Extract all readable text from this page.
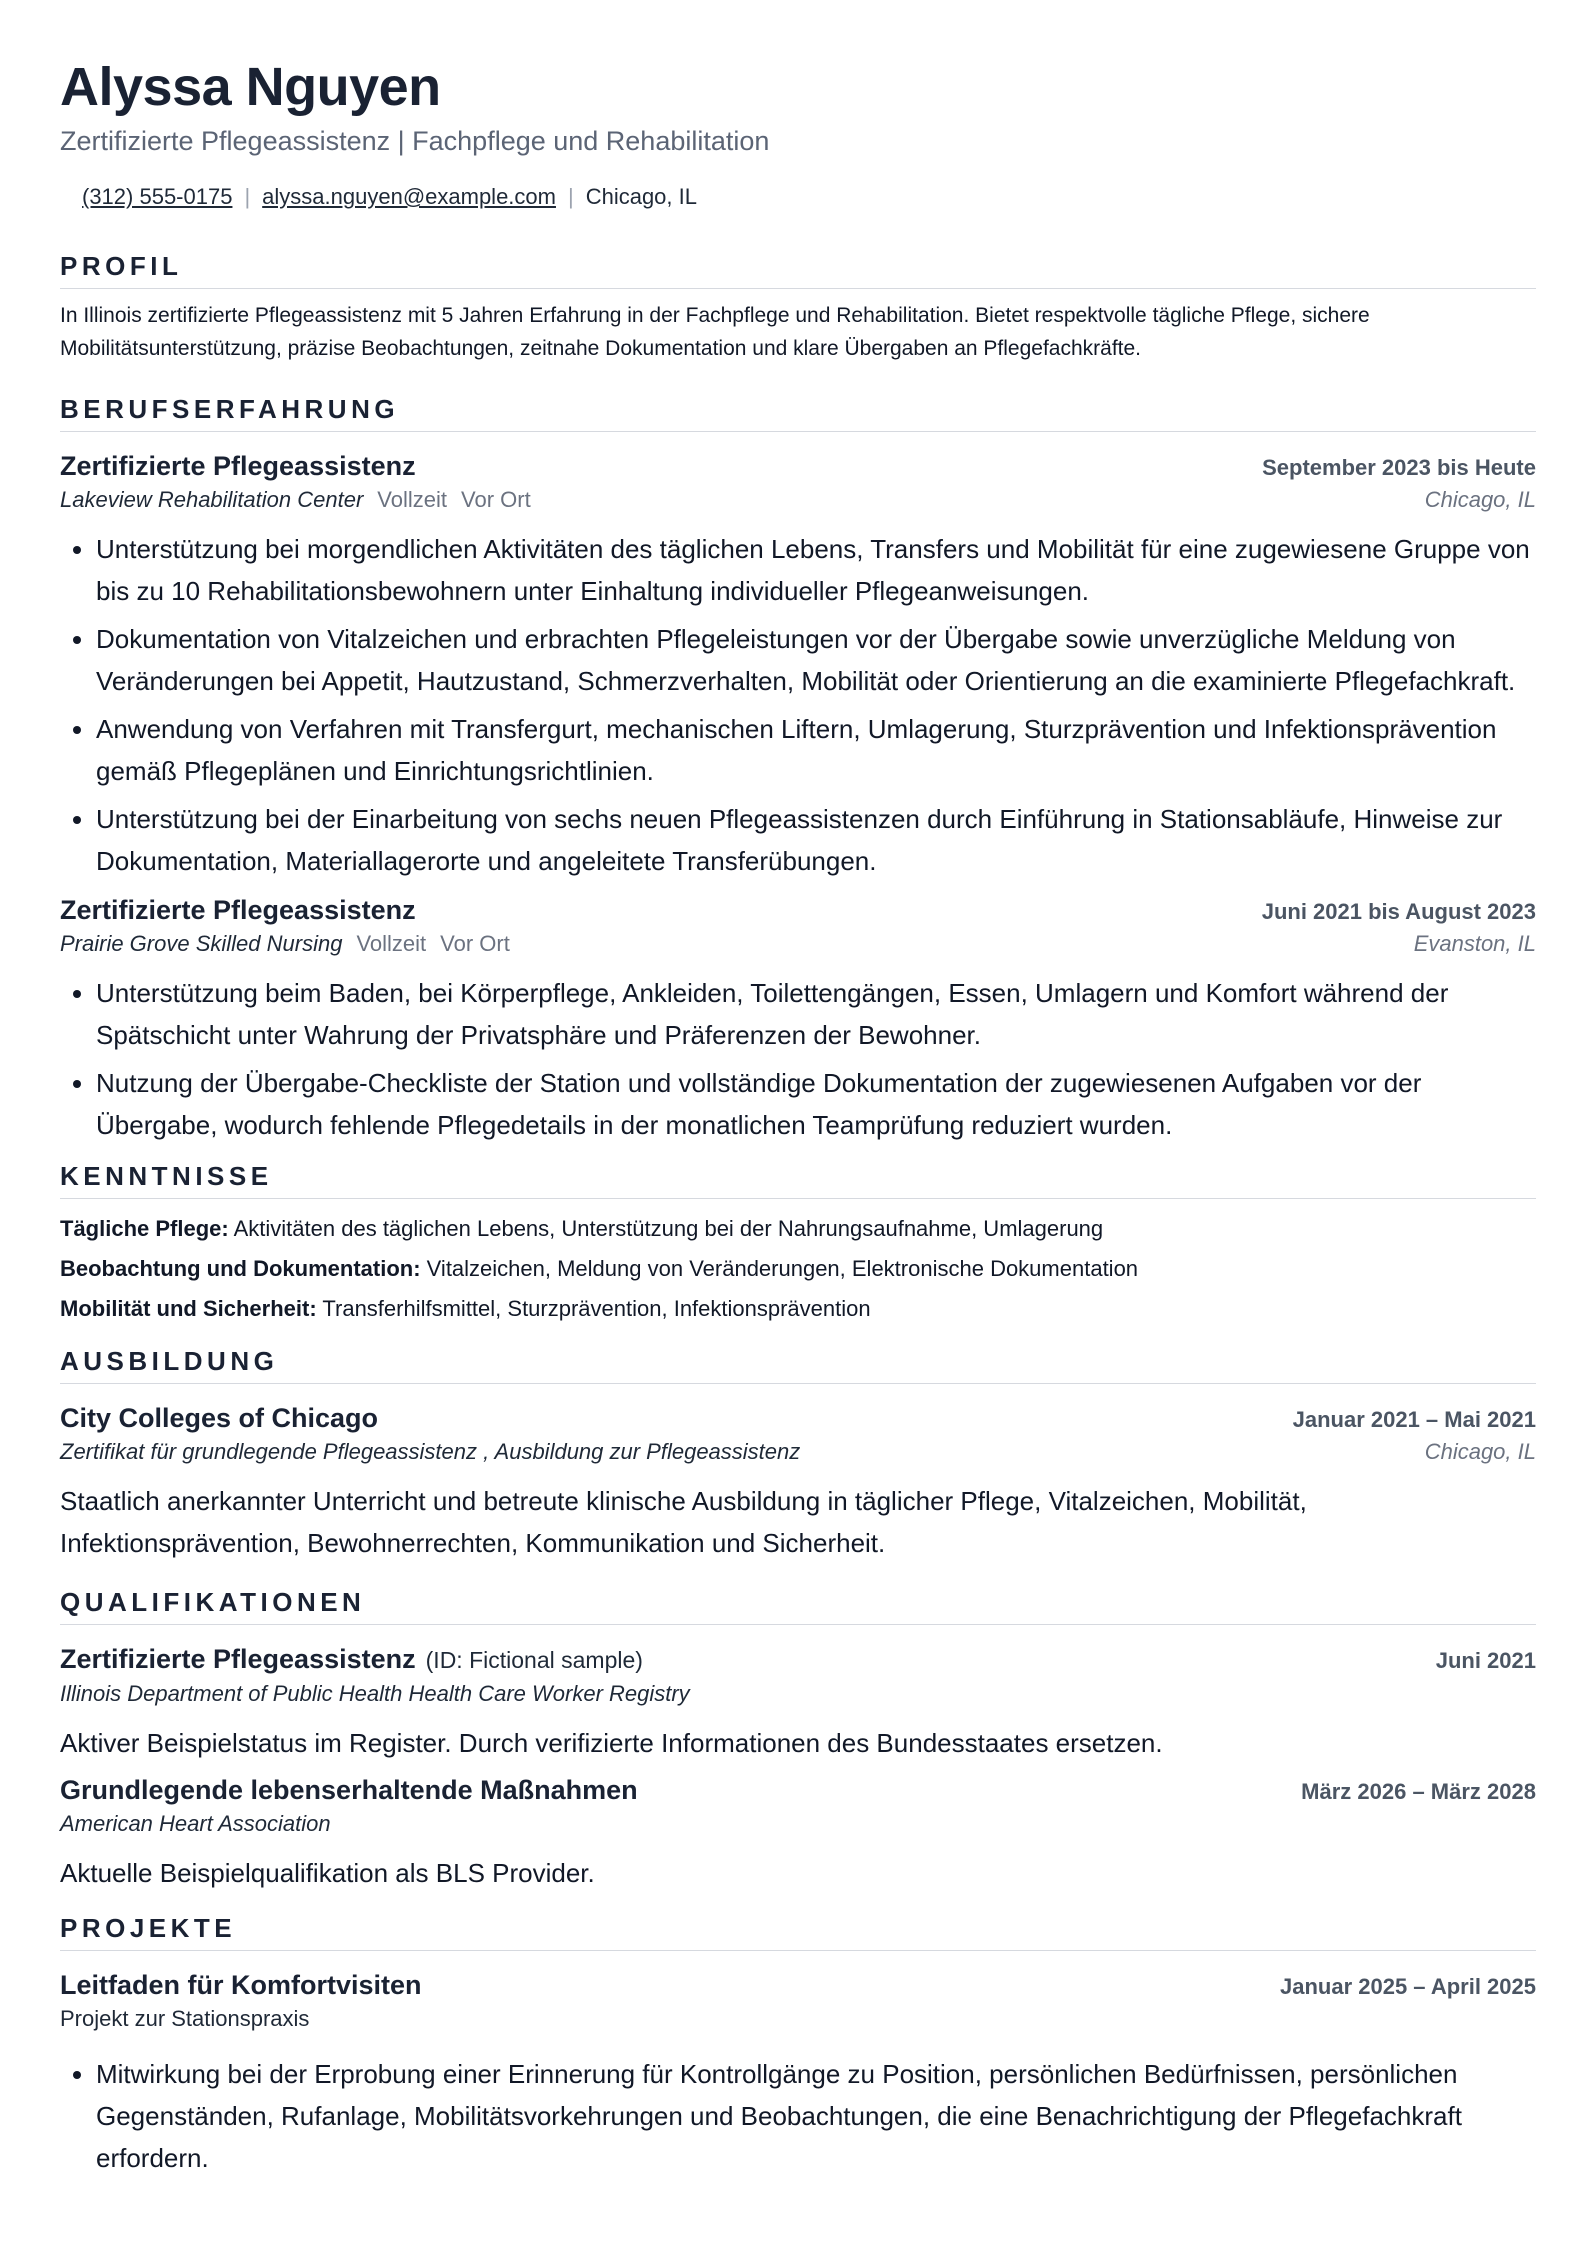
Alyssa Nguyen
Zertifizierte Pflegeassistenz | Fachpflege und Rehabilitation
(312) 555-0175 | alyssa.nguyen@example.com | Chicago, IL
PROFIL
In Illinois zertifizierte Pflegeassistenz mit 5 Jahren Erfahrung in der Fachpflege und Rehabilitation. Bietet respektvolle tägliche Pflege, sichere Mobilitätsunterstützung, präzise Beobachtungen, zeitnahe Dokumentation und klare Übergaben an Pflegefachkräfte.
BERUFSERFAHRUNG
Zertifizierte Pflegeassistenz	September 2023 bis Heute
Lakeview Rehabilitation Center Vollzeit Vor Ort	Chicago, IL
• Unterstützung bei morgendlichen Aktivitäten des täglichen Lebens, Transfers und Mobilität für eine zugewiesene Gruppe von bis zu 10 Rehabilitationsbewohnern unter Einhaltung individueller Pflegeanweisungen.
• Dokumentation von Vitalzeichen und erbrachten Pflegeleistungen vor der Übergabe sowie unverzügliche Meldung von Veränderungen bei Appetit, Hautzustand, Schmerzverhalten, Mobilität oder Orientierung an die examinierte Pflegefachkraft.
• Anwendung von Verfahren mit Transfergurt, mechanischen Liftern, Umlagerung, Sturzprävention und Infektionsprävention gemäß Pflegeplänen und Einrichtungsrichtlinien.
• Unterstützung bei der Einarbeitung von sechs neuen Pflegeassistenzen durch Einführung in Stationsabläufe, Hinweise zur Dokumentation, Materiallagerorte und angeleitete Transferübungen.
Zertifizierte Pflegeassistenz	Juni 2021 bis August 2023
Prairie Grove Skilled Nursing Vollzeit Vor Ort	Evanston, IL
• Unterstützung beim Baden, bei Körperpflege, Ankleiden, Toilettengängen, Essen, Umlagern und Komfort während der Spätschicht unter Wahrung der Privatsphäre und Präferenzen der Bewohner.
• Nutzung der Übergabe-Checkliste der Station und vollständige Dokumentation der zugewiesenen Aufgaben vor der Übergabe, wodurch fehlende Pflegedetails in der monatlichen Teamprüfung reduziert wurden.
KENNTNISSE
Tägliche Pflege: Aktivitäten des täglichen Lebens, Unterstützung bei der Nahrungsaufnahme, Umlagerung
Beobachtung und Dokumentation: Vitalzeichen, Meldung von Veränderungen, Elektronische Dokumentation
Mobilität und Sicherheit: Transferhilfsmittel, Sturzprävention, Infektionsprävention
AUSBILDUNG
City Colleges of Chicago	Januar 2021 – Mai 2021
Zertifikat für grundlegende Pflegeassistenz , Ausbildung zur Pflegeassistenz	Chicago, IL
Staatlich anerkannter Unterricht und betreute klinische Ausbildung in täglicher Pflege, Vitalzeichen, Mobilität, Infektionsprävention, Bewohnerrechten, Kommunikation und Sicherheit.
QUALIFIKATIONEN
Zertifizierte Pflegeassistenz (ID: Fictional sample)	Juni 2021
Illinois Department of Public Health Health Care Worker Registry
Aktiver Beispielstatus im Register. Durch verifizierte Informationen des Bundesstaates ersetzen.
Grundlegende lebenserhaltende Maßnahmen	März 2026 – März 2028
American Heart Association
Aktuelle Beispielqualifikation als BLS Provider.
PROJEKTE
Leitfaden für Komfortvisiten	Januar 2025 – April 2025
Projekt zur Stationspraxis
• Mitwirkung bei der Erprobung einer Erinnerung für Kontrollgänge zu Position, persönlichen Bedürfnissen, persönlichen Gegenständen, Rufanlage, Mobilitätsvorkehrungen und Beobachtungen, die eine Benachrichtigung der Pflegefachkraft erfordern.
